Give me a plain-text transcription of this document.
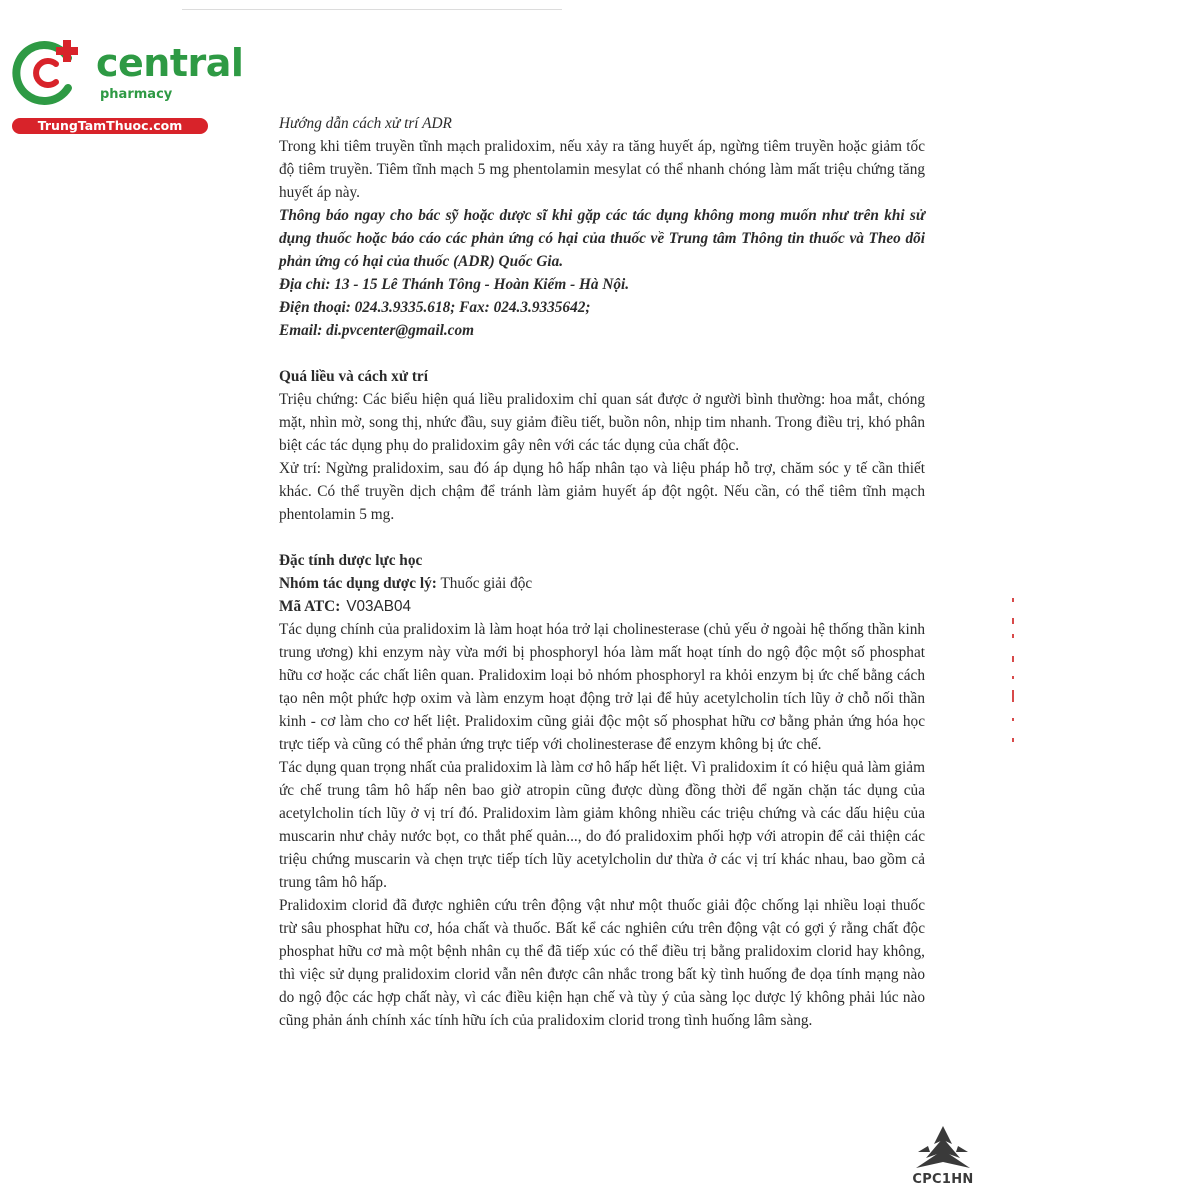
central
pharmacy
TrungTamThuoc.com	Hướng dẫn cách xử trí ADR

Trong khi tiêm truyền tĩnh mạch pralidoxim, nếu xảy ra tăng huyết áp, ngừng tiêm truyền hoặc giảm tốc độ tiêm truyền. Tiêm tĩnh mạch 5 mg phentolamin mesylat có thể nhanh chóng làm mất triệu chứng tăng huyết áp này.

Thông báo ngay cho bác sỹ hoặc dược sĩ khi gặp các tác dụng không mong muốn như trên khi sử dụng thuốc hoặc báo cáo các phản ứng có hại của thuốc về Trung tâm Thông tin thuốc và Theo dõi phản ứng có hại của thuốc (ADR) Quốc Gia.

Địa chỉ: 13 - 15 Lê Thánh Tông - Hoàn Kiếm - Hà Nội.

Điện thoại: 024.3.9335.618; Fax: 024.3.9335642;

Email: di.pvcenter@gmail.com

Quá liều và cách xử trí

Triệu chứng: Các biểu hiện quá liều pralidoxim chỉ quan sát được ở người bình thường: hoa mắt, chóng mặt, nhìn mờ, song thị, nhức đầu, suy giảm điều tiết, buồn nôn, nhịp tim nhanh. Trong điều trị, khó phân biệt các tác dụng phụ do pralidoxim gây nên với các tác dụng của chất độc.

Xử trí: Ngừng pralidoxim, sau đó áp dụng hô hấp nhân tạo và liệu pháp hỗ trợ, chăm sóc y tế cần thiết khác. Có thể truyền dịch chậm để tránh làm giảm huyết áp đột ngột. Nếu cần, có thể tiêm tĩnh mạch phentolamin 5 mg.

Đặc tính dược lực học

Nhóm tác dụng dược lý: Thuốc giải độc

Mã ATC: V03AB04

Tác dụng chính của pralidoxim là làm hoạt hóa trở lại cholinesterase (chủ yếu ở ngoài hệ thống thần kinh trung ương) khi enzym này vừa mới bị phosphoryl hóa làm mất hoạt tính do ngộ độc một số phosphat hữu cơ hoặc các chất liên quan. Pralidoxim loại bỏ nhóm phosphoryl ra khỏi enzym bị ức chế bằng cách tạo nên một phức hợp oxim và làm enzym hoạt động trở lại để hủy acetylcholin tích lũy ở chỗ nối thần kinh - cơ làm cho cơ hết liệt. Pralidoxim cũng giải độc một số phosphat hữu cơ bằng phản ứng hóa học trực tiếp và cũng có thể phản ứng trực tiếp với cholinesterase để enzym không bị ức chế.

Tác dụng quan trọng nhất của pralidoxim là làm cơ hô hấp hết liệt. Vì pralidoxim ít có hiệu quả làm giảm ức chế trung tâm hô hấp nên bao giờ atropin cũng được dùng đồng thời để ngăn chặn tác dụng của acetylcholin tích lũy ở vị trí đó. Pralidoxim làm giảm không nhiều các triệu chứng và các dấu hiệu của muscarin như chảy nước bọt, co thắt phế quản..., do đó pralidoxim phối hợp với atropin để cải thiện các triệu chứng muscarin và chẹn trực tiếp tích lũy acetylcholin dư thừa ở các vị trí khác nhau, bao gồm cả trung tâm hô hấp.

Pralidoxim clorid đã được nghiên cứu trên động vật như một thuốc giải độc chống lại nhiều loại thuốc trừ sâu phosphat hữu cơ, hóa chất và thuốc. Bất kể các nghiên cứu trên động vật có gợi ý rằng chất độc phosphat hữu cơ mà một bệnh nhân cụ thể đã tiếp xúc có thể điều trị bằng pralidoxim clorid hay không, thì việc sử dụng pralidoxim clorid vẫn nên được cân nhắc trong bất kỳ tình huống đe dọa tính mạng nào do ngộ độc các hợp chất này, vì các điều kiện hạn chế và tùy ý của sàng lọc dược lý không phải lúc nào cũng phản ánh chính xác tính hữu ích của pralidoxim clorid trong tình huống lâm sàng.

CPC1HN
